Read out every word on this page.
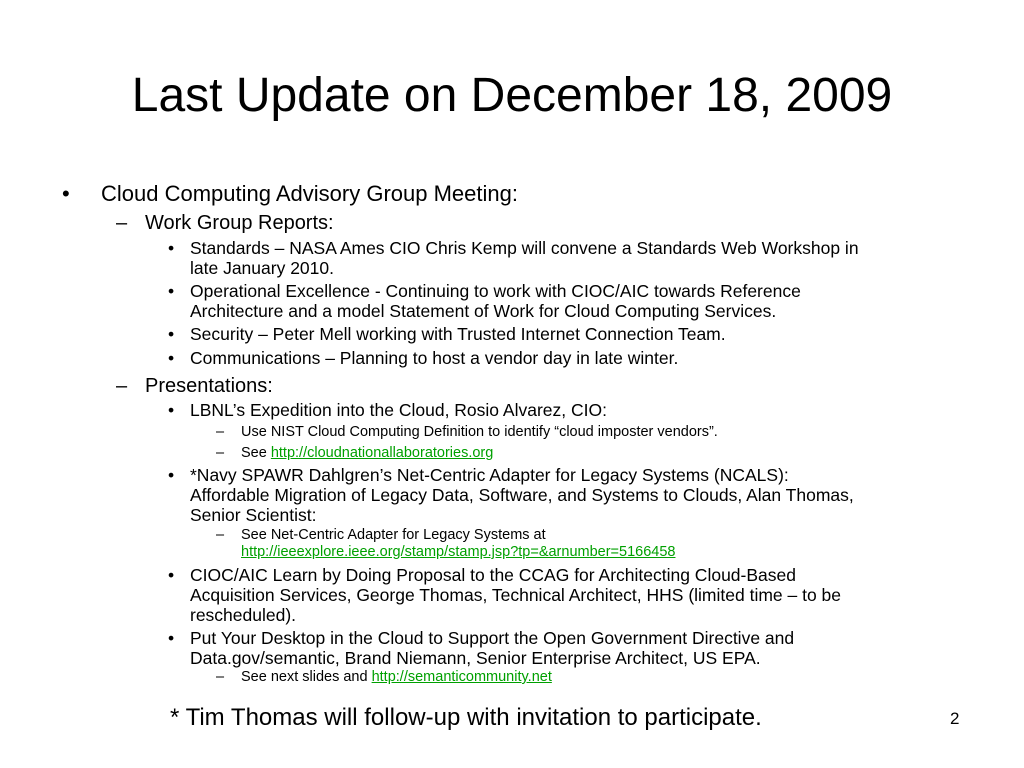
Last Update on December 18, 2009
• Cloud Computing Advisory Group Meeting:
– Work Group Reports:
• Standards – NASA Ames CIO Chris Kemp will convene a Standards Web Workshop in
late January 2010.
• Operational Excellence - Continuing to work with CIOC/AIC towards Reference
Architecture and a model Statement of Work for Cloud Computing Services.
• Security – Peter Mell working with Trusted Internet Connection Team.
• Communications – Planning to host a vendor day in late winter.
– Presentations:
• LBNL’s Expedition into the Cloud, Rosio Alvarez, CIO:
– Use NIST Cloud Computing Definition to identify “cloud imposter vendors”.
– See http://cloudnationallaboratories.org
• *Navy SPAWR Dahlgren’s Net-Centric Adapter for Legacy Systems (NCALS):
Affordable Migration of Legacy Data, Software, and Systems to Clouds, Alan Thomas,
Senior Scientist:
– See Net-Centric Adapter for Legacy Systems at
http://ieeexplore.ieee.org/stamp/stamp.jsp?tp=&arnumber=5166458
• CIOC/AIC Learn by Doing Proposal to the CCAG for Architecting Cloud-Based
Acquisition Services, George Thomas, Technical Architect, HHS (limited time – to be
rescheduled).
• Put Your Desktop in the Cloud to Support the Open Government Directive and
Data.gov/semantic, Brand Niemann, Senior Enterprise Architect, US EPA.
– See next slides and http://semanticommunity.net
* Tim Thomas will follow-up with invitation to participate.	2
